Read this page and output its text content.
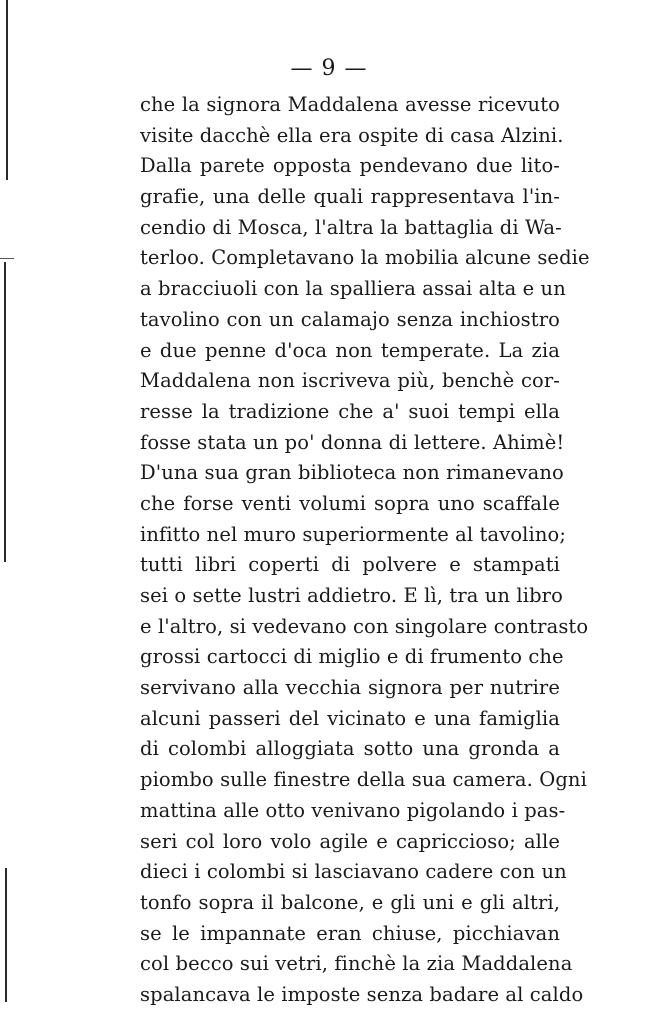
— 9 —
che la signora Maddalena avesse ricevuto
visite dacchè ella era ospite di casa Alzini.
Dalla parete opposta pendevano due lito-
grafie, una delle quali rappresentava l'in-
cendio di Mosca, l'altra la battaglia di Wa-
terloo. Completavano la mobilia alcune sedie
a bracciuoli con la spalliera assai alta e un
tavolino con un calamajo senza inchiostro
e due penne d'oca non temperate. La zia
Maddalena non iscriveva più, benchè cor-
resse la tradizione che a' suoi tempi ella
fosse stata un po' donna di lettere. Ahimè!
D'una sua gran biblioteca non rimanevano
che forse venti volumi sopra uno scaffale
infitto nel muro superiormente al tavolino;
tutti libri coperti di polvere e stampati
sei o sette lustri addietro. E lì, tra un libro
e l'altro, si vedevano con singolare contrasto
grossi cartocci di miglio e di frumento che
servivano alla vecchia signora per nutrire
alcuni passeri del vicinato e una famiglia
di colombi alloggiata sotto una gronda a
piombo sulle finestre della sua camera. Ogni
mattina alle otto venivano pigolando i pas-
seri col loro volo agile e capriccioso; alle
dieci i colombi si lasciavano cadere con un
tonfo sopra il balcone, e gli uni e gli altri,
se le impannate eran chiuse, picchiavan
col becco sui vetri, finchè la zia Maddalena
spalancava le imposte senza badare al caldo
